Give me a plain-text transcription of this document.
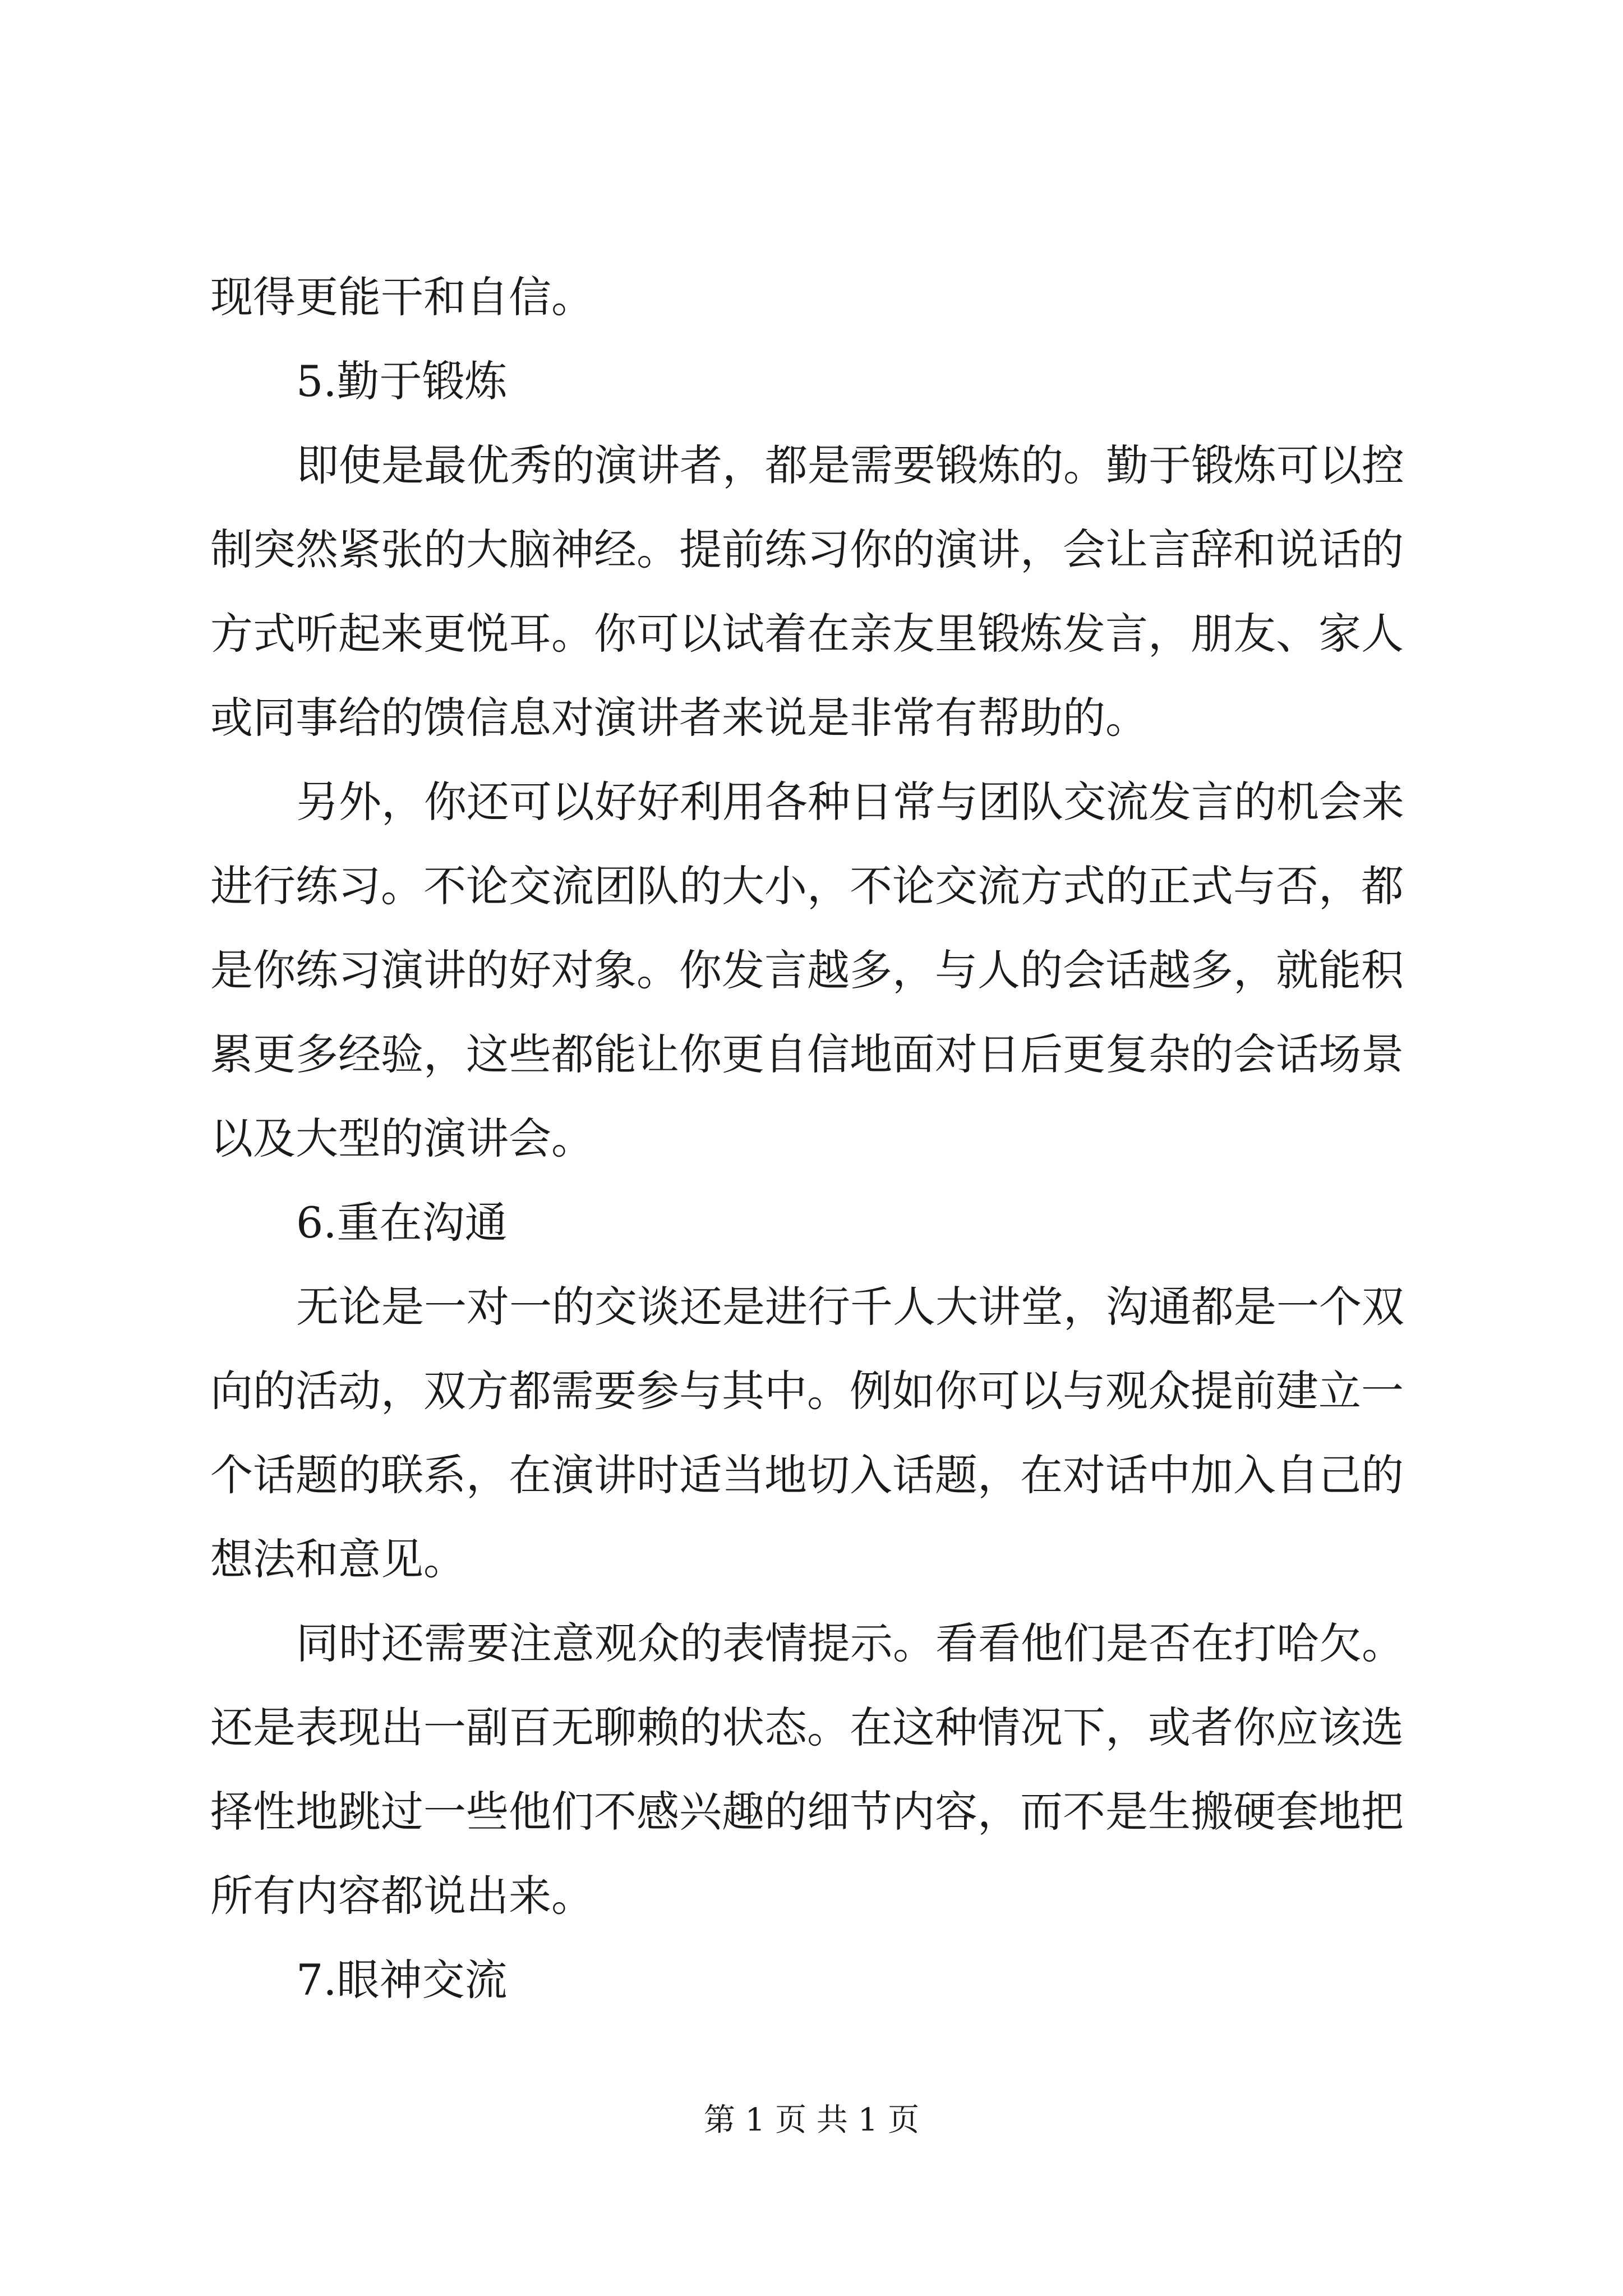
现得更能干和自信。
5.勤于锻炼
即使是最优秀的演讲者，都是需要锻炼的。勤于锻炼可以控
制突然紧张的大脑神经。提前练习你的演讲，会让言辞和说话的
方式听起来更悦耳。你可以试着在亲友里锻炼发言，朋友、家人
或同事给的馈信息对演讲者来说是非常有帮助的。
另外，你还可以好好利用各种日常与团队交流发言的机会来
进行练习。不论交流团队的大小，不论交流方式的正式与否，都
是你练习演讲的好对象。你发言越多，与人的会话越多，就能积
累更多经验，这些都能让你更自信地面对日后更复杂的会话场景
以及大型的演讲会。
6.重在沟通
无论是一对一的交谈还是进行千人大讲堂，沟通都是一个双
向的活动，双方都需要参与其中。例如你可以与观众提前建立一
个话题的联系，在演讲时适当地切入话题，在对话中加入自己的
想法和意见。
同时还需要注意观众的表情提示。看看他们是否在打哈欠。
还是表现出一副百无聊赖的状态。在这种情况下，或者你应该选
择性地跳过一些他们不感兴趣的细节内容，而不是生搬硬套地把
所有内容都说出来。
7.眼神交流
第 1 页 共 1 页
